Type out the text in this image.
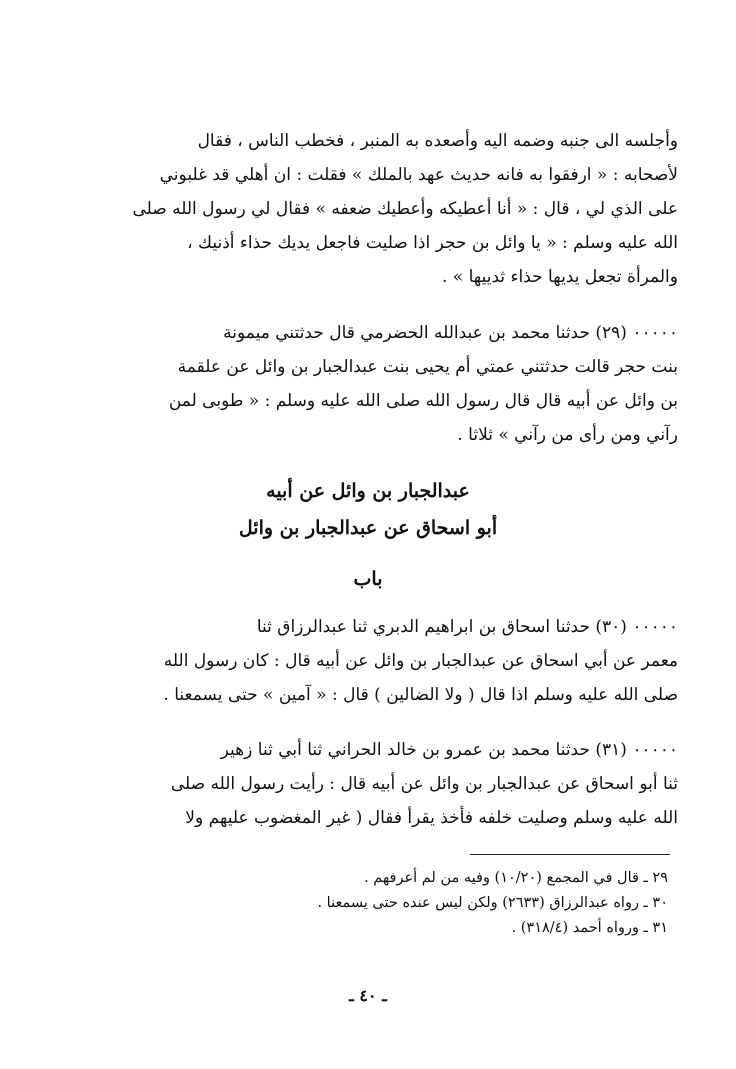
وأجلسه الى جنبه وضمه اليه وأصعده به المنبر ، فخطب الناس ، فقال
لأصحابه : « ارفقوا به فانه حديث عهد بالملك » فقلت : ان أهلي قد غلبوني
على الذي لي ، قال : « أنا أعطيكه وأعطيك ضعفه » فقال لي رسول الله صلى
الله عليه وسلم : « يا وائل بن حجر اذا صليت فاجعل يديك حذاء أذنيك ،
والمرأة تجعل يديها حذاء ثدييها » .
٠٠٠٠٠ (٢٩) حدثنا محمد بن عبدالله الحضرمي قال حدثتني ميمونة
بنت حجر قالت حدثتني عمتي أم يحيى بنت عبدالجبار بن وائل عن علقمة
بن وائل عن أبيه قال قال رسول الله صلى الله عليه وسلم : « طوبى لمن
رآني ومن رأى من رآني » ثلاثا .
عبدالجبار بن وائل عن أبيه
أبو اسحاق عن عبدالجبار بن وائل
باب
٠٠٠٠٠ (٣٠) حدثنا اسحاق بن ابراهيم الدبري ثنا عبدالرزاق ثنا
معمر عن أبي اسحاق عن عبدالجبار بن وائل عن أبيه قال : كان رسول الله
صلى الله عليه وسلم اذا قال ( ولا الضالين ) قال : « آمين » حتى يسمعنا .
٠٠٠٠٠ (٣١) حدثنا محمد بن عمرو بن خالد الحراني ثنا أبي ثنا زهير
ثنا أبو اسحاق عن عبدالجبار بن وائل عن أبيه قال : رأيت رسول الله صلى
الله عليه وسلم وصليت خلفه فأخذ يقرأ فقال ( غير المغضوب عليهم ولا
٢٩ ـ قال في المجمع (١٠/٢٠) وفيه من لم أعرفهم .
٣٠ ـ رواه عبدالرزاق (٢٦٣٣) ولكن ليس عنده حتى يسمعنا .
٣١ ـ ورواه أحمد (٣١٨/٤) .
ـ ٤٠ ـ
